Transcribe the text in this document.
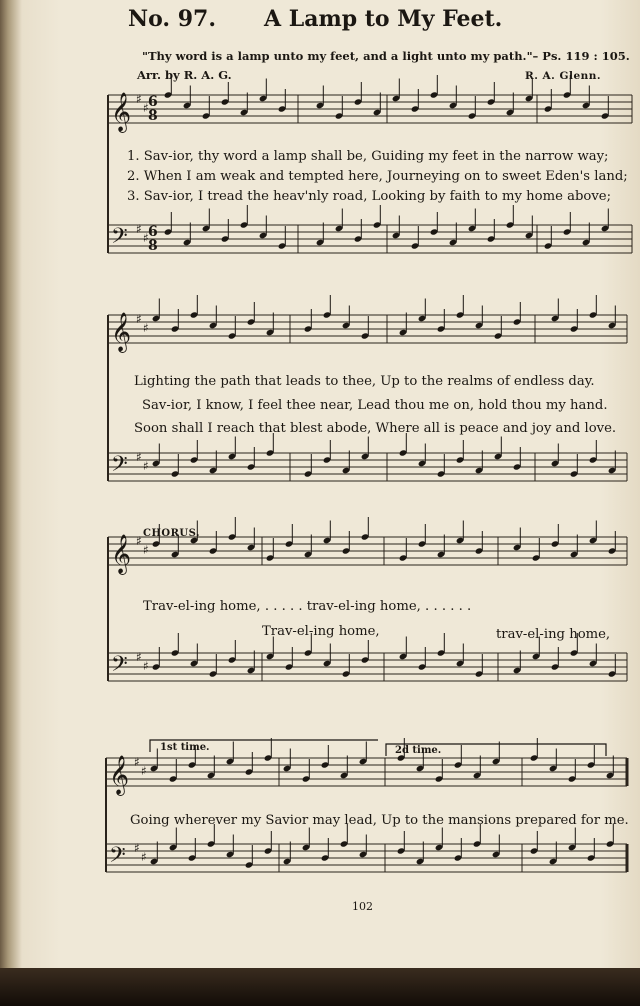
No. 97. A Lamp to My Feet.
"Thy word is a lamp unto my feet, and a light unto my path."– Ps. 119 : 105.
Arr. by R. A. G.	R. A. Glenn.
𝄞 ♯
♯
𝄢 ♯
♯
𝄞 ♯
♯
𝄢 ♯
♯
𝄞 ♯
♯
𝄢 ♯
♯
𝄞 ♯
♯
𝄢 ♯
♯
6
8
6
8
1. Sav-ior, thy word a lamp shall be, Guiding my feet in the narrow way;
2. When I am weak and tempted here, Journeying on to sweet Eden's land;
3. Sav-ior, I tread the heav'nly road, Looking by faith to my home above;
Lighting the path that leads to thee, Up to the realms of endless day.
Sav-ior, I know, I feel thee near, Lead thou me on, hold thou my hand.
Soon shall I reach that blest abode, Where all is peace and joy and love.
CHORUS.
Trav-el-ing home, . . . . . trav-el-ing home, . . . . . .
Trav-el-ing home,	trav-el-ing home,
1st time.	2d time.
Going wherever my Savior may lead, Up to the mansions prepared for me.
102
